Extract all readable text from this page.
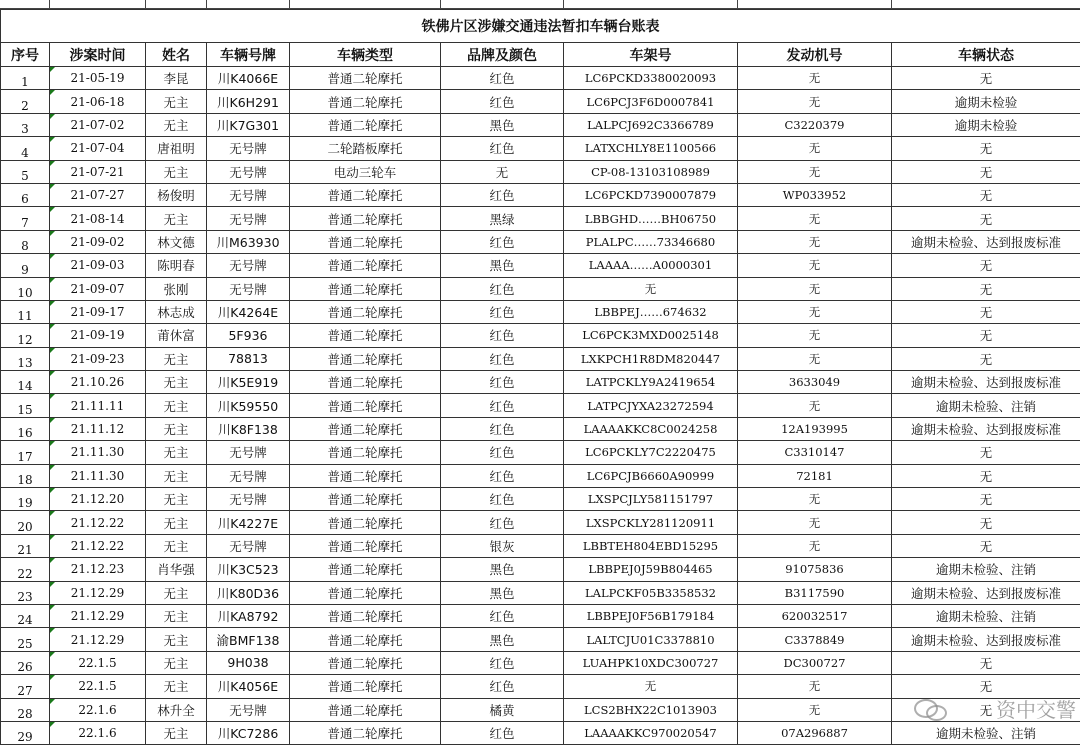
铁佛片区涉嫌交通违法暂扣车辆台账表								
序号	涉案时间	姓名	车辆号牌	车辆类型	品牌及颜色	车架号	发动机号	车辆状态
1	21-05-19	李昆	川K4066E	普通二轮摩托	红色	LC6PCKD3380020093	无	无
2	21-06-18	无主	川K6H291	普通二轮摩托	红色	LC6PCJ3F6D0007841	无	逾期未检验
3	21-07-02	无主	川K7G301	普通二轮摩托	黑色	LALPCJ692C3366789	C3220379	逾期未检验
4	21-07-04	唐祖明	无号牌	二轮踏板摩托	红色	LATXCHLY8E1100566	无	无
5	21-07-21	无主	无号牌	电动三轮车	无	CP-08-13103108989	无	无
6	21-07-27	杨俊明	无号牌	普通二轮摩托	红色	LC6PCKD7390007879	WP033952	无
7	21-08-14	无主	无号牌	普通二轮摩托	黑绿	LBBGHD……BH06750	无	无
8	21-09-02	林文德	川M63930	普通二轮摩托	红色	PLALPC……73346680	无	逾期未检验、达到报废标准
9	21-09-03	陈明春	无号牌	普通二轮摩托	黑色	LAAAA……A0000301	无	无
10	21-09-07	张刚	无号牌	普通二轮摩托	红色	无	无	无
11	21-09-17	林志成	川K4264E	普通二轮摩托	红色	LBBPEJ……674632	无	无
12	21-09-19	莆休富	5F936	普通二轮摩托	红色	LC6PCK3MXD0025148	无	无
13	21-09-23	无主	78813	普通二轮摩托	红色	LXKPCH1R8DM820447	无	无
14	21.10.26	无主	川K5E919	普通二轮摩托	红色	LATPCKLY9A2419654	3633049	逾期未检验、达到报废标准
15	21.11.11	无主	川K59550	普通二轮摩托	红色	LATPCJYXA23272594	无	逾期未检验、注销
16	21.11.12	无主	川K8F138	普通二轮摩托	红色	LAAAAKKC8C0024258	12A193995	逾期未检验、达到报废标准
17	21.11.30	无主	无号牌	普通二轮摩托	红色	LC6PCKLY7C2220475	C3310147	无
18	21.11.30	无主	无号牌	普通二轮摩托	红色	LC6PCJB6660A90999	72181	无
19	21.12.20	无主	无号牌	普通二轮摩托	红色	LXSPCJLY581151797	无	无
20	21.12.22	无主	川K4227E	普通二轮摩托	红色	LXSPCKLY281120911	无	无
21	21.12.22	无主	无号牌	普通二轮摩托	银灰	LBBTEH804EBD15295	无	无
22	21.12.23	肖华强	川K3C523	普通二轮摩托	黑色	LBBPEJ0J59B804465	91075836	逾期未检验、注销
23	21.12.29	无主	川K80D36	普通二轮摩托	黑色	LALPCKF05B3358532	B3117590	逾期未检验、达到报废标准
24	21.12.29	无主	川KA8792	普通二轮摩托	红色	LBBPEJ0F56B179184	620032517	逾期未检验、注销
25	21.12.29	无主	渝BMF138	普通二轮摩托	黑色	LALTCJU01C3378810	C3378849	逾期未检验、达到报废标准
26	22.1.5	无主	9H038	普通二轮摩托	红色	LUAHPK10XDC300727	DC300727	无
27	22.1.5	无主	川K4056E	普通二轮摩托	红色	无	无	无
28	22.1.6	林升全	无号牌	普通二轮摩托	橘黄	LCS2BHX22C1013903	无	无 资中交警

29	22.1.6	无主	川KC7286	普通二轮摩托	红色	LAAAAKKC970020547	07A296887	逾期未检验、注销
